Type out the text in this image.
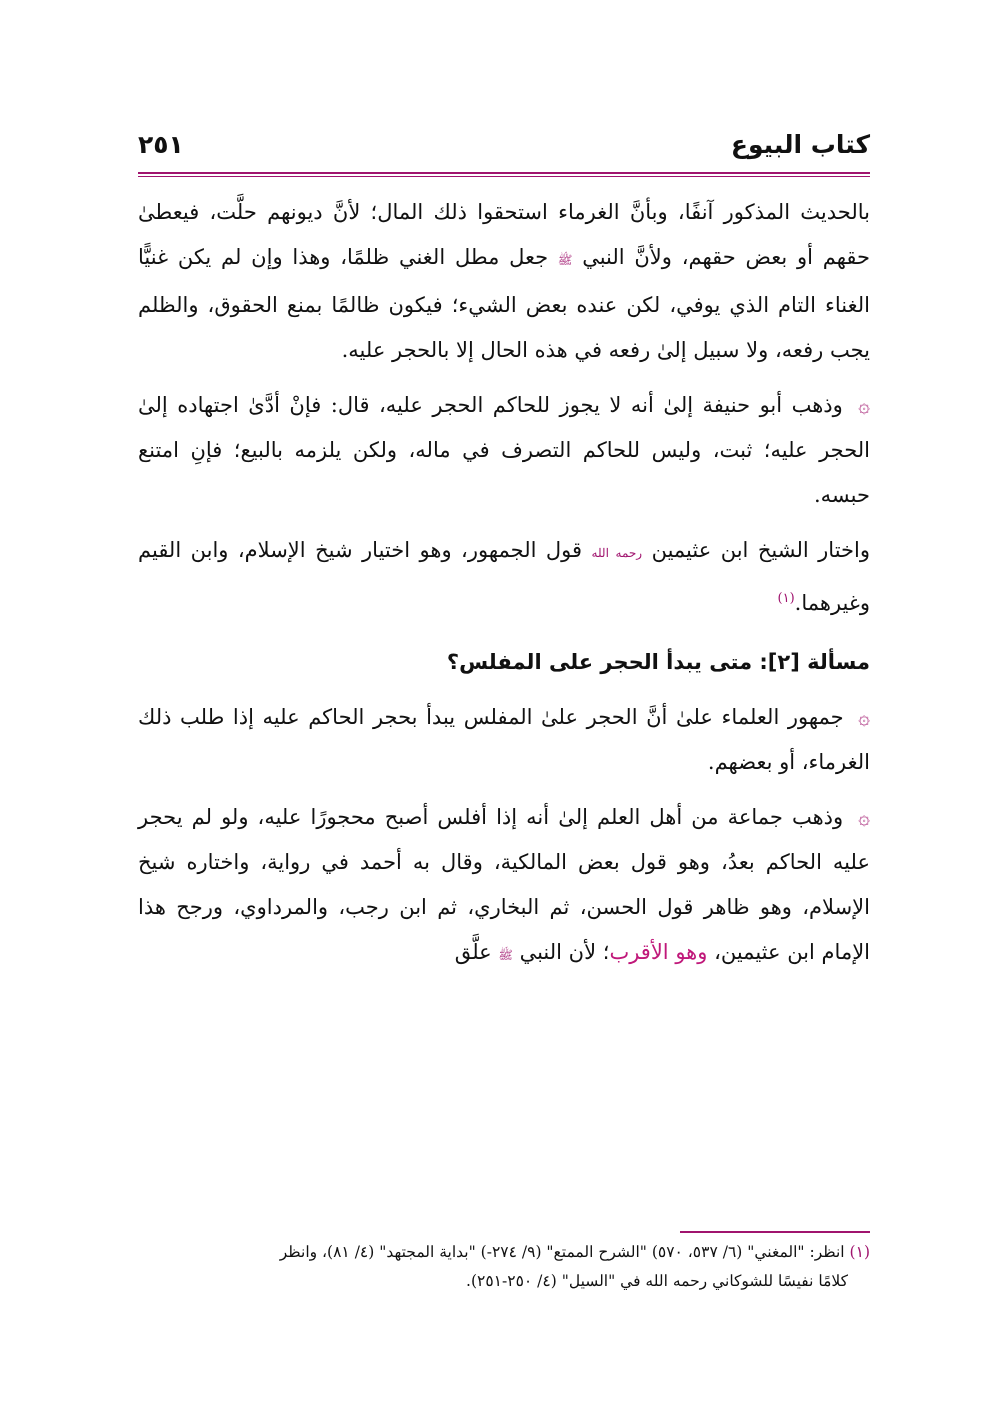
كتاب البيوع
٢٥١

بالحديث المذكور آنفًا، وبأنَّ الغرماء استحقوا ذلك المال؛ لأنَّ ديونهم حلَّت، فيعطىٰ حقهم أو بعض حقهم، ولأنَّ النبي ﷺ جعل مطل الغني ظلمًا، وهذا وإن لم يكن غنيًّا الغناء التام الذي يوفي، لكن عنده بعض الشيء؛ فيكون ظالمًا بمنع الحقوق، والظلم يجب رفعه، ولا سبيل إلىٰ رفعه في هذه الحال إلا بالحجر عليه.

۞ وذهب أبو حنيفة إلىٰ أنه لا يجوز للحاكم الحجر عليه، قال: فإنْ أدَّىٰ اجتهاده إلىٰ الحجر عليه؛ ثبت، وليس للحاكم التصرف في ماله، ولكن يلزمه بالبيع؛ فإنِ امتنع حبسه.

واختار الشيخ ابن عثيمين رحمه الله قول الجمهور، وهو اختيار شيخ الإسلام، وابن القيم وغيرهما.$^{(١)}$

مسألة [٢]: متى يبدأ الحجر على المفلس؟

۞ جمهور العلماء علىٰ أنَّ الحجر علىٰ المفلس يبدأ بحجر الحاكم عليه إذا طلب ذلك الغرماء، أو بعضهم.

۞ وذهب جماعة من أهل العلم إلىٰ أنه إذا أفلس أصبح محجورًا عليه، ولو لم يحجر عليه الحاكم بعدُ، وهو قول بعض المالكية، وقال به أحمد في رواية، واختاره شيخ الإسلام، وهو ظاهر قول الحسن، ثم البخاري، ثم ابن رجب، والمرداوي، ورجح هذا الإمام ابن عثيمين، وهو الأقرب؛ لأن النبي ﷺ علَّق

(١) انظر: "المغني" (٦/ ٥٣٧، ٥٧٠) "الشرح الممتع" (٩/ ٢٧٤-) "بداية المجتهد" (٤/ ٨١)، وانظر
كلامًا نفيسًا للشوكاني رحمه الله في "السيل" (٤/ ٢٥٠-٢٥١).
